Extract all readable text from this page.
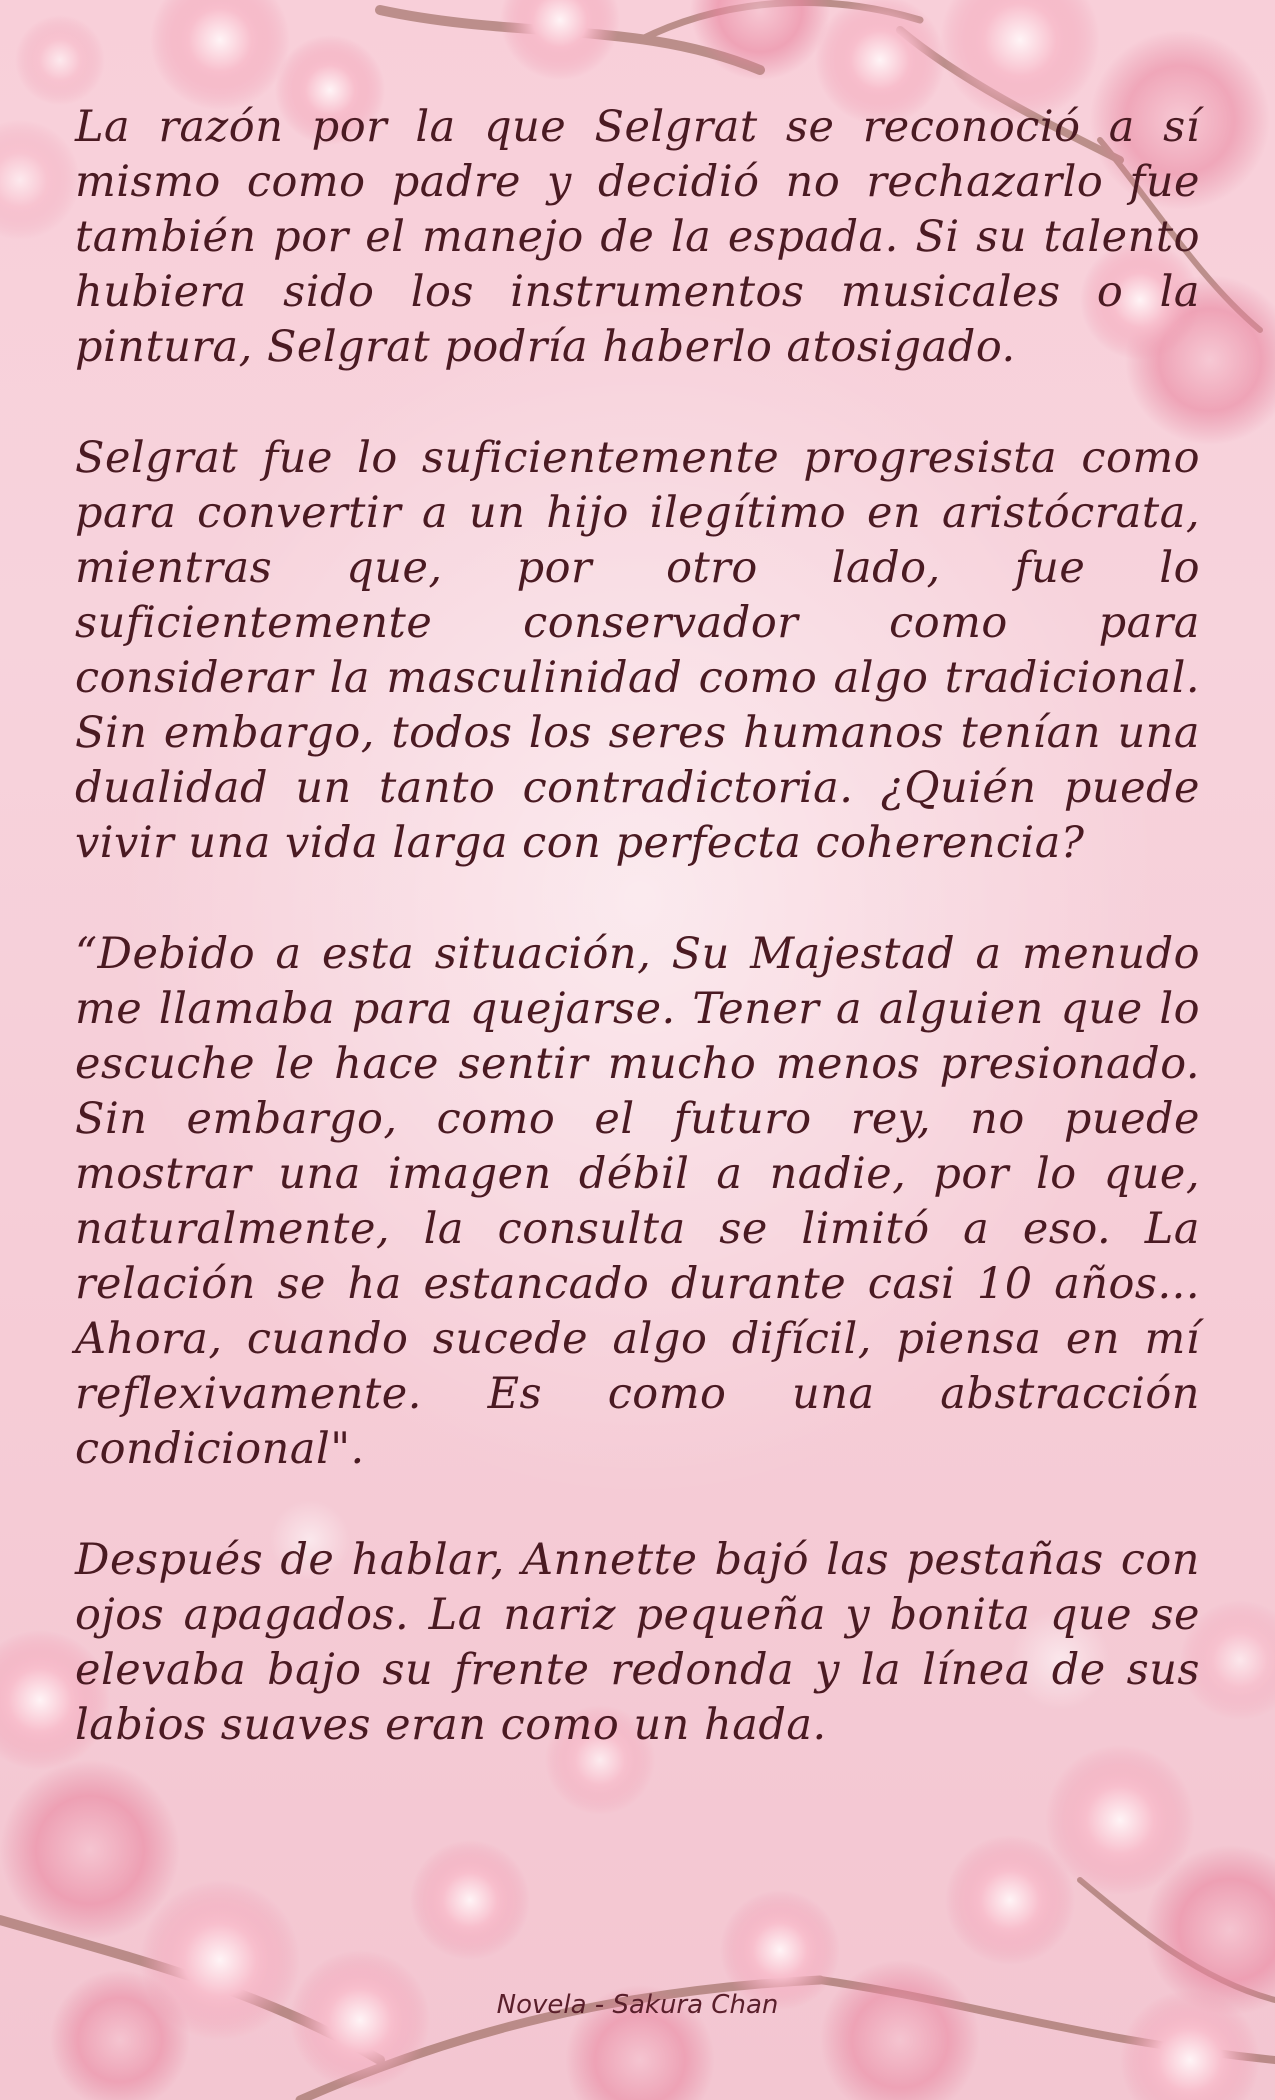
La razón por la que Selgrat se reconoció a sí mismo como padre y decidió no rechazarlo fue también por el manejo de la espada. Si su talento hubiera sido los instrumentos musicales o la pintura, Selgrat podría haberlo atosigado.

Selgrat fue lo suficientemente progresista como para convertir a un hijo ilegítimo en aristócrata, mientras que, por otro lado, fue lo suficientemente conservador como para considerar la masculinidad como algo tradicional. Sin embargo, todos los seres humanos tenían una dualidad un tanto contradictoria. ¿Quién puede vivir una vida larga con perfecta coherencia?

“Debido a esta situación, Su Majestad a menudo me llamaba para quejarse. Tener a alguien que lo escuche le hace sentir mucho menos presionado. Sin embargo, como el futuro rey, no puede mostrar una imagen débil a nadie, por lo que, naturalmente, la consulta se limitó a eso. La relación se ha estancado durante casi 10 años... Ahora, cuando sucede algo difícil, piensa en mí reflexivamente. Es como una abstracción condicional".

Después de hablar, Annette bajó las pestañas con ojos apagados. La nariz pequeña y bonita que se elevaba bajo su frente redonda y la línea de sus labios suaves eran como un hada.

Novela - Sakura Chan
